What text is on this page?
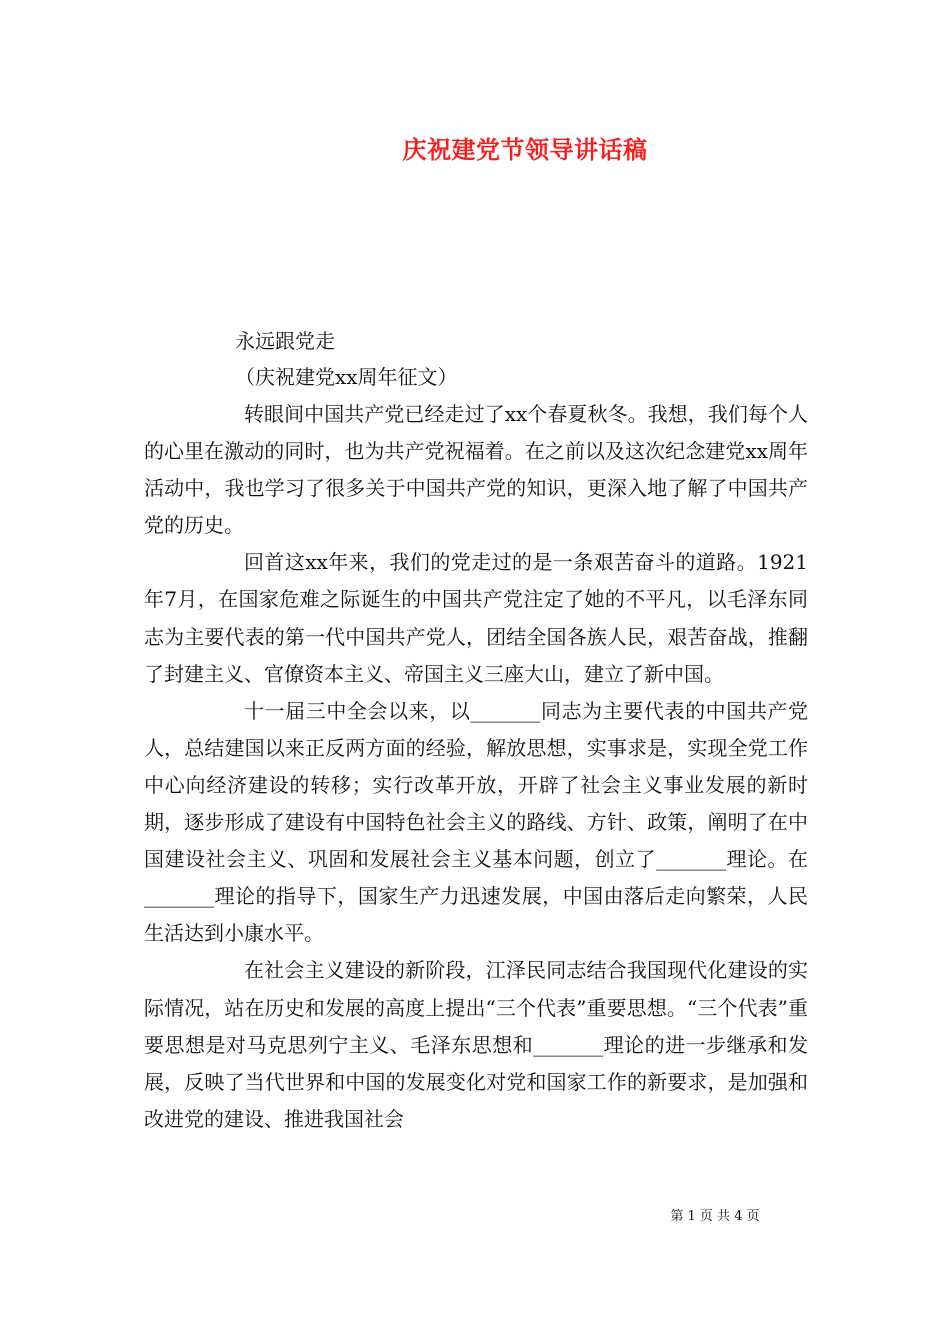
庆祝建党节领导讲话稿
永远跟党走
（庆祝建党xx周年征文）

转眼间中国共产党已经走过了xx个春夏秋冬。我想，我们每个人的心里在激动的同时，也为共产党祝福着。在之前以及这次纪念建党xx周年活动中，我也学习了很多关于中国共产党的知识，更深入地了解了中国共产党的历史。

回首这xx年来，我们的党走过的是一条艰苦奋斗的道路。1921年7月，在国家危难之际诞生的中国共产党注定了她的不平凡，以毛泽东同志为主要代表的第一代中国共产党人，团结全国各族人民，艰苦奋战，推翻了封建主义、官僚资本主义、帝国主义三座大山，建立了新中国。

十一届三中全会以来，以_______同志为主要代表的中国共产党人，总结建国以来正反两方面的经验，解放思想，实事求是，实现全党工作中心向经济建设的转移；实行改革开放，开辟了社会主义事业发展的新时期，逐步形成了建设有中国特色社会主义的路线、方针、政策，阐明了在中国建设社会主义、巩固和发展社会主义基本问题，创立了_______理论。在_______理论的指导下，国家生产力迅速发展，中国由落后走向繁荣，人民生活达到小康水平。

在社会主义建设的新阶段，江泽民同志结合我国现代化建设的实际情况，站在历史和发展的高度上提出“三个代表”重要思想。“三个代表”重要思想是对马克思列宁主义、毛泽东思想和_______理论的进一步继承和发展，反映了当代世界和中国的发展变化对党和国家工作的新要求，是加强和改进党的建设、推进我国社会

第 1 页 共 4 页
